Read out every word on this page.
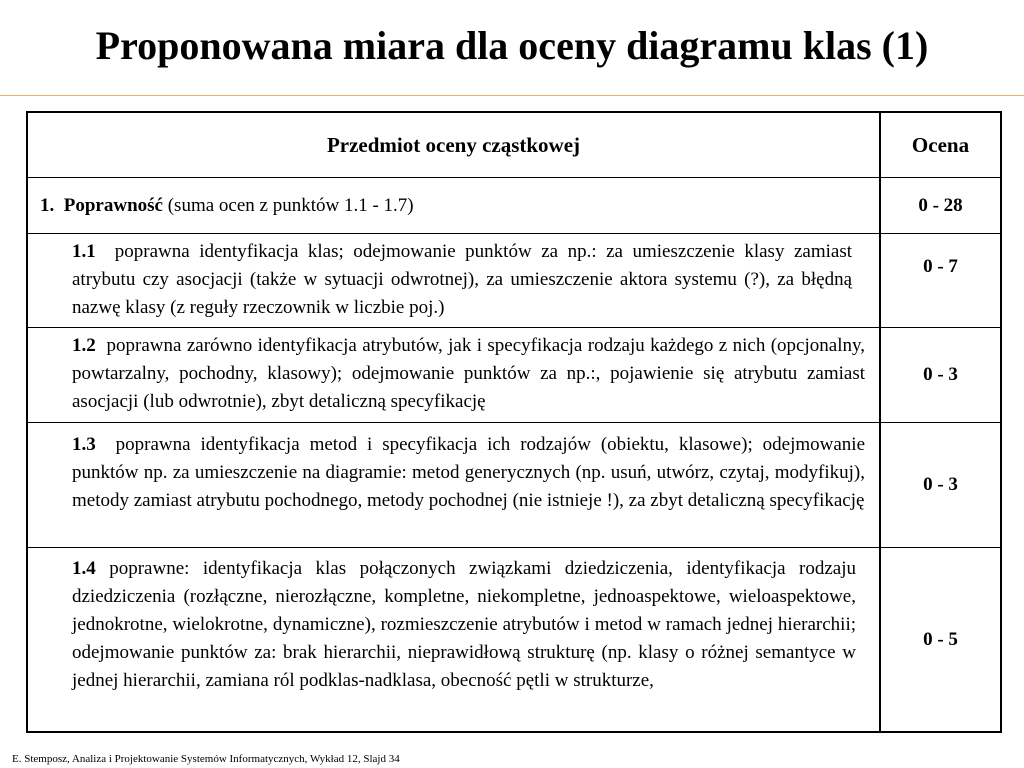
Proponowana miara dla oceny diagramu klas (1)
Przedmiot oceny cząstkowej	Ocena
1.
Poprawność
(suma ocen z punktów 1.1 - 1.7)	0 - 28
1.1 poprawna identyfikacja klas; odejmowanie punktów za np.: za umieszczenie klasy zamiast atrybutu czy asocjacji (także w sytuacji odwrotnej), za umieszczenie aktora systemu (?), za błędną nazwę klasy (z reguły rzeczownik w liczbie poj.)
0 - 7
1.2 poprawna zarówno identyfikacja atrybutów, jak i specyfikacja rodzaju każdego z nich (opcjonalny, powtarzalny, pochodny, klasowy); odejmowanie punktów za np.:, pojawienie się atrybutu zamiast asocjacji (lub odwrotnie), zbyt detaliczną specyfikację
0 - 3
1.3 poprawna identyfikacja metod i specyfikacja ich rodzajów (obiektu, klasowe); odejmowanie punktów np. za umieszczenie na diagramie: metod generycznych (np. usuń, utwórz, czytaj, modyfikuj), metody zamiast atrybutu pochodnego, metody pochodnej (nie istnieje !), za zbyt detaliczną specyfikację
0 - 3
1.4 poprawne: identyfikacja klas połączonych związkami dziedziczenia, identyfikacja rodzaju dziedziczenia (rozłączne, nierozłączne, kompletne, niekompletne, jednoaspektowe, wieloaspektowe, jednokrotne, wielokrotne, dynamiczne), rozmieszczenie atrybutów i metod w ramach jednej hierarchii; odejmowanie punktów za: brak hierarchii, nieprawidłową strukturę (np. klasy o różnej semantyce w jednej hierarchii, zamiana ról podklas-nadklasa, obecność pętli w strukturze,
0 - 5
E. Stemposz, Analiza i Projektowanie Systemów Informatycznych, Wykład 12, Slajd 34
